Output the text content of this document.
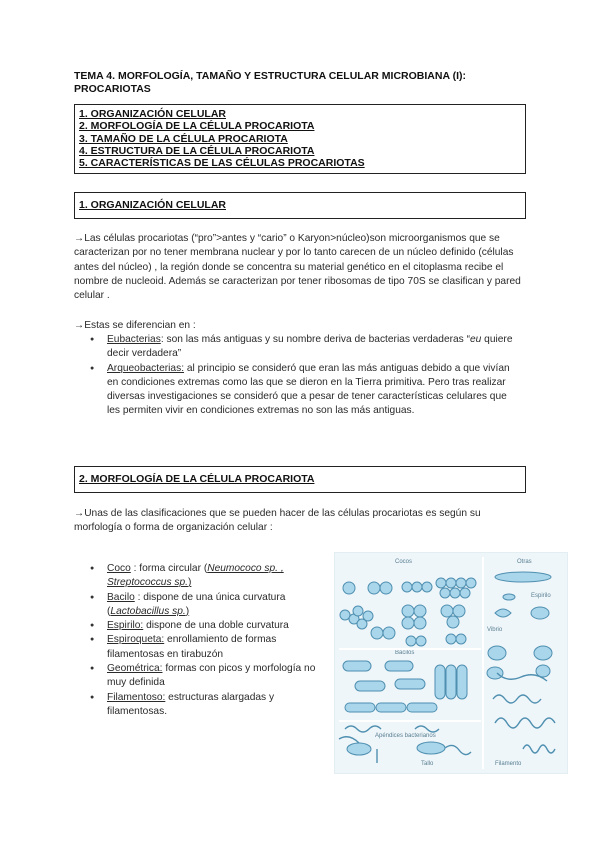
TEMA 4. MORFOLOGÍA, TAMAÑO Y ESTRUCTURA CELULAR MICROBIANA (I): PROCARIOTAS
1. ORGANIZACIÓN CELULAR
2. MORFOLOGÍA DE LA CÉLULA PROCARIOTA
3. TAMAÑO DE LA CÉLULA PROCARIOTA
4. ESTRUCTURA DE LA CÉLULA PROCARIOTA
5. CARACTERÍSTICAS DE LAS CÉLULAS PROCARIOTAS
1. ORGANIZACIÓN CELULAR
→Las células procariotas (“pro”>antes y “cario” o Karyon>núcleo)son microorganismos que se caracterizan por no tener membrana nuclear y por lo tanto carecen de un núcleo definido (células antes del núcleo) , la región donde se concentra su material genético en el citoplasma recibe el nombre de nucleoid. Además se caracterizan por tener ribosomas de tipo 70S se clasifican y pared celular .
→Estas se diferencian en :
● Eubacterias: son las más antiguas y su nombre deriva de bacterias verdaderas “eu quiere decir verdadera”
● Arqueobacterias: al principio se consideró que eran las más antiguas debido a que vivían en condiciones extremas como las que se dieron en la Tierra primitiva. Pero tras realizar diversas investigaciones se consideró que a pesar de tener características celulares que les permiten vivir en condiciones extremas no son las más antiguas.
2. MORFOLOGÍA DE LA CÉLULA PROCARIOTA
→Unas de las clasificaciones que se pueden hacer de las células procariotas es según su morfología o forma de organización celular :
● Coco : forma circular (Neumococo sp. , Streptococcus sp.)
● Bacilo : dispone de una única curvatura (Lactobacillus sp.)
● Espirilo: dispone de una doble curvatura
● Espiroqueta: enrollamiento de formas filamentosas en tirabuzón
● Geométrica: formas con picos y morfología no muy definida
● Filamentoso: estructuras alargadas y filamentosas.
Cocos	Otras
Bacilos
Apéndices bacterianos
Vibrio
Espirilo
Filamento
Tallo
